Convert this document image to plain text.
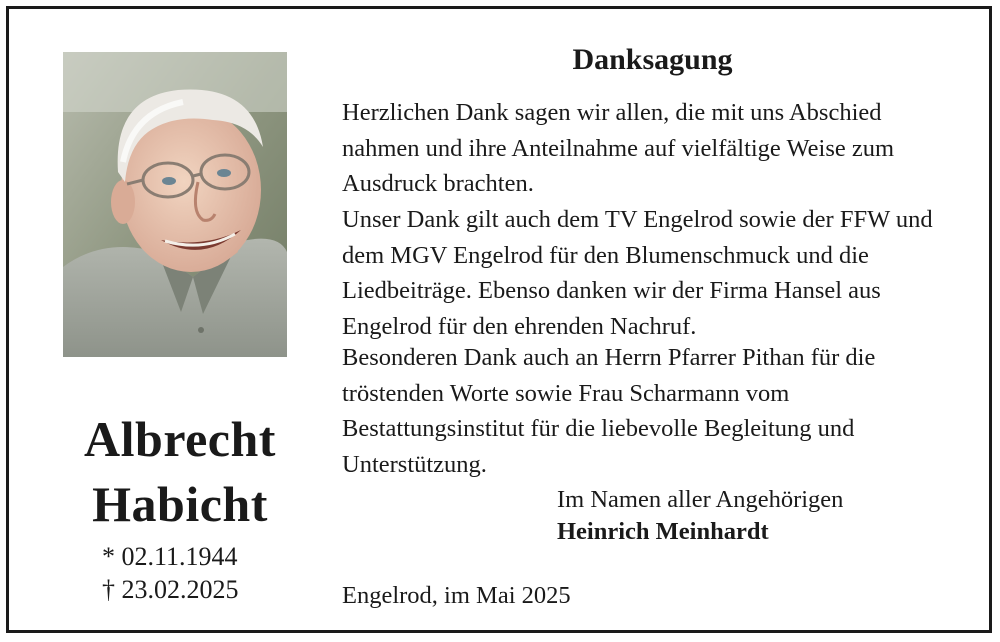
Albrecht
Habicht
* 02.11.1944
† 23.02.2025
Danksagung

Herzlichen Dank sagen wir allen, die mit uns Abschied nahmen und ihre Anteilnahme auf vielfältige Weise zum Ausdruck brachten.

Unser Dank gilt auch dem TV Engelrod sowie der FFW und dem MGV Engelrod für den Blumenschmuck und die Liedbeiträge. Ebenso danken wir der Firma Hansel aus Engelrod für den ehrenden Nachruf.

Besonderen Dank auch an Herrn Pfarrer Pithan für die tröstenden Worte sowie Frau Scharmann vom Bestattungsinstitut für die liebevolle Begleitung und Unterstützung.

Im Namen aller Angehörigen
Heinrich Meinhardt
Engelrod, im Mai 2025
